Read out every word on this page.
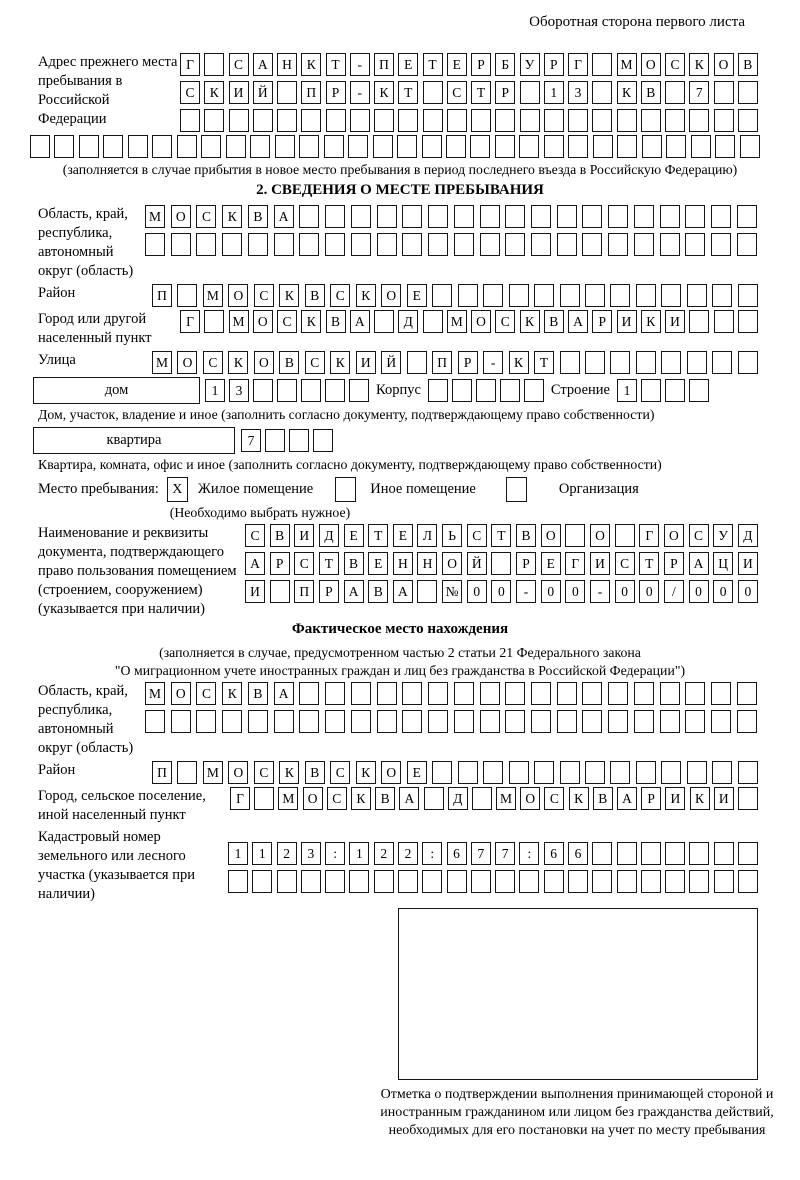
Оборотная сторона первого листа
Адрес прежнего места пребывания в Российской Федерации
Г	С	А	Н	К	Т	-	П	Е	Т	Е	Р	Б	У	Р	Г	М О	С	К	О	В
С	К	И	Й	П	Р	-	К	Т	С	Т	Р	1	3	К	В	7
(заполняется в случае прибытия в новое место пребывания в период последнего въезда в Российскую Федерацию)
2. СВЕДЕНИЯ О МЕСТЕ ПРЕБЫВАНИЯ
Область, край, республика, автономный округ (область)
М	О	С	К	В	А
Район	П	М	О	С	К	В	С	К	О	Е
Город или другой населенный пункт
Г	М О	С	К	В	А	Д	М О	С	К	В	А	Р	И	К	И
Улица	М	О	С	К	О	В	С	К	И	Й	П	Р	-	К	Т
дом	1	3	Корпус	Строение	1
Дом, участок, владение и иное (заполнить согласно документу, подтверждающему право собственности)
квартира	7
Квартира, комната, офис и иное (заполнить согласно документу, подтверждающему право собственности)
Место пребывания: X	Жилое помещение	Иное помещение	Организация
(Необходимо выбрать нужное)
Наименование и реквизиты документа, подтверждающего право пользования помещением (строением, сооружением) (указывается при наличии)
С	В	И	Д	Е	Т	Е	Л	Ь	С	Т	В	О	О	Г	О	С	У	Д
А	Р	С	Т	В	Е	Н	Н	О	Й	Р	Е	Г	И	С	Т	Р	А	Ц	И
И	П	Р	А	В	А	№	0	0	-	0	0	-	0	0	/	0	0	0
Фактическое место нахождения
(заполняется в случае, предусмотренном частью 2 статьи 21 Федерального закона
"О миграционном учете иностранных граждан и лиц без гражданства в Российской Федерации")
Область, край, республика, автономный округ (область)
М	О	С	К	В	А
Район	П	М	О	С	К	В	С	К	О	Е
Город, сельское поселение, иной населенный пункт
Г	М О	С	К	В	А	Д	М О	С	К	В	А	Р	И	К	И
Кадастровый номер земельного или лесного участка (указывается при наличии)
1	1	2	3	:	1	2	2	:	6	7	7	:	6	6
Отметка о подтверждении выполнения принимающей стороной и иностранным гражданином или лицом без гражданства действий, необходимых для его постановки на учет по месту пребывания
